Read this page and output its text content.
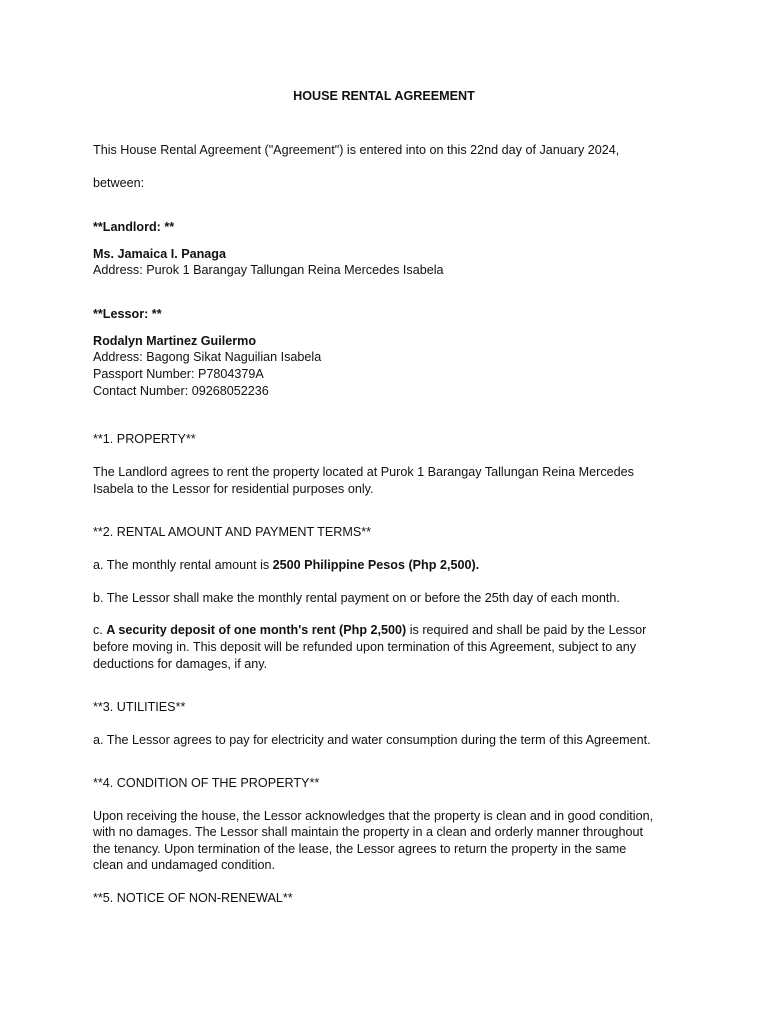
HOUSE RENTAL AGREEMENT

This House Rental Agreement ("Agreement") is entered into on this 22nd day of January 2024,

between:

**Landlord: **

Ms. Jamaica I. Panaga

Address: Purok 1 Barangay Tallungan Reina Mercedes Isabela

**Lessor: **

Rodalyn Martinez Guilermo

Address: Bagong Sikat Naguilian Isabela

Passport Number: P7804379A

Contact Number: 09268052236

**1. PROPERTY**

The Landlord agrees to rent the property located at Purok 1 Barangay Tallungan Reina Mercedes

Isabela to the Lessor for residential purposes only.

**2. RENTAL AMOUNT AND PAYMENT TERMS**

a. The monthly rental amount is 2500 Philippine Pesos (Php 2,500).

b. The Lessor shall make the monthly rental payment on or before the 25th day of each month.

c. A security deposit of one month's rent (Php 2,500) is required and shall be paid by the Lessor

before moving in. This deposit will be refunded upon termination of this Agreement, subject to any

deductions for damages, if any.

**3. UTILITIES**

a. The Lessor agrees to pay for electricity and water consumption during the term of this Agreement.

**4. CONDITION OF THE PROPERTY**

Upon receiving the house, the Lessor acknowledges that the property is clean and in good condition,

with no damages. The Lessor shall maintain the property in a clean and orderly manner throughout

the tenancy. Upon termination of the lease, the Lessor agrees to return the property in the same

clean and undamaged condition.

**5. NOTICE OF NON-RENEWAL**
